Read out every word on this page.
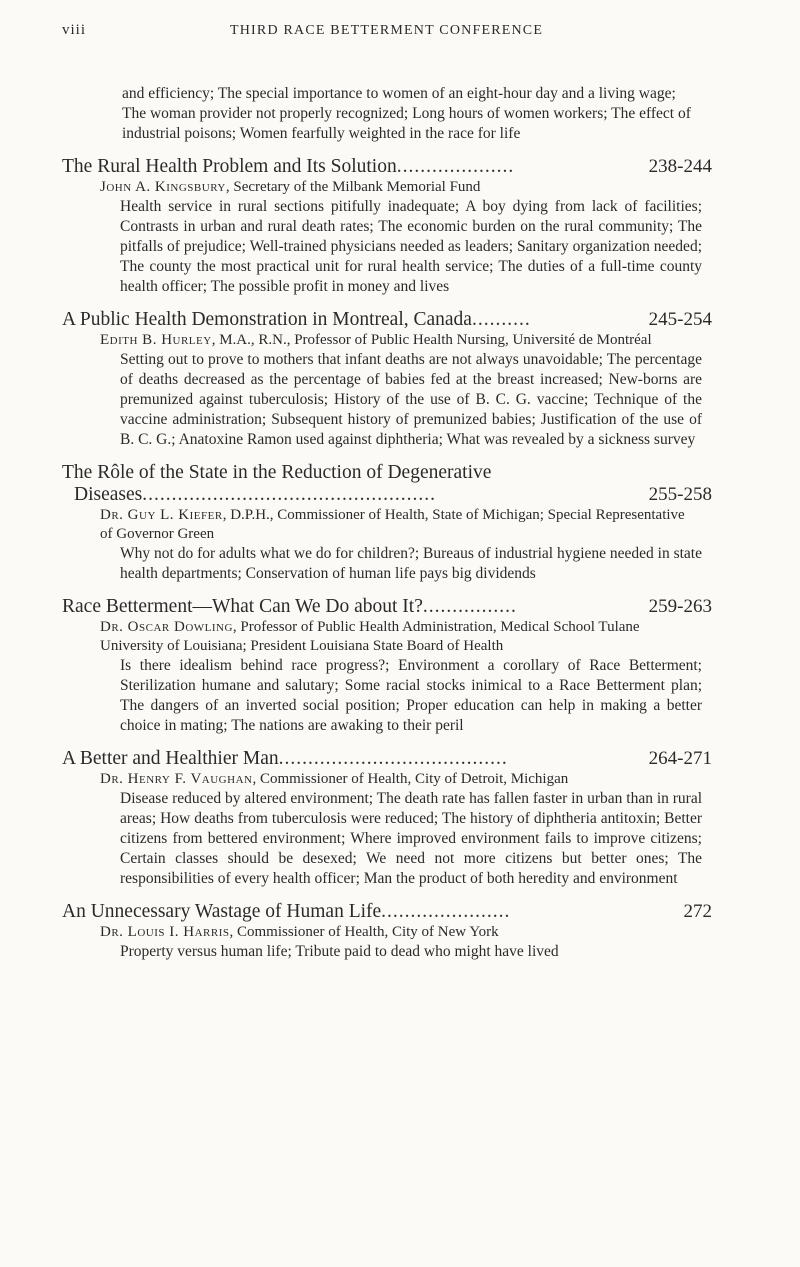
viii	THIRD RACE BETTERMENT CONFERENCE
and efficiency; The special importance to women of an eight-hour day and a living wage; The woman provider not properly recognized; Long hours of women workers; The effect of industrial poisons; Women fearfully weighted in the race for life
The Rural Health Problem and Its Solution ....................	238-244
John A. Kingsbury, Secretary of the Milbank Memorial Fund
Health service in rural sections pitifully inadequate; A boy dying from lack of facilities; Contrasts in urban and rural death rates; The economic burden on the rural community; The pitfalls of prejudice; Well-trained physicians needed as leaders; Sanitary organization needed; The county the most practical unit for rural health service; The duties of a full-time county health officer; The possible profit in money and lives
A Public Health Demonstration in Montreal, Canada ..........	245-254
Edith B. Hurley, M.A., R.N., Professor of Public Health Nursing, Université de Montréal
Setting out to prove to mothers that infant deaths are not always unavoidable; The percentage of deaths decreased as the percentage of babies fed at the breast increased; New-borns are premunized against tuberculosis; History of the use of B. C. G. vaccine; Technique of the vaccine administration; Subsequent history of premunized babies; Justification of the use of B. C. G.; Anatoxine Ramon used against diphtheria; What was revealed by a sickness survey
The Rôle of the State in the Reduction of Degenerative
Diseases ..................................................	255-258
Dr. Guy L. Kiefer, D.P.H., Commissioner of Health, State of Michigan; Special Representative of Governor Green
Why not do for adults what we do for children?; Bureaus of industrial hygiene needed in state health departments; Conservation of human life pays big dividends
Race Betterment—What Can We Do about It? ................	259-263
Dr. Oscar Dowling, Professor of Public Health Administration, Medical School Tulane University of Louisiana; President Louisiana State Board of Health
Is there idealism behind race progress?; Environment a corollary of Race Betterment; Sterilization humane and salutary; Some racial stocks inimical to a Race Betterment plan; The dangers of an inverted social position; Proper education can help in making a better choice in mating; The nations are awaking to their peril
A Better and Healthier Man .......................................	264-271
Dr. Henry F. Vaughan, Commissioner of Health, City of Detroit, Michigan
Disease reduced by altered environment; The death rate has fallen faster in urban than in rural areas; How deaths from tuberculosis were reduced; The history of diphtheria antitoxin; Better citizens from bettered environment; Where improved environment fails to improve citizens; Certain classes should be desexed; We need not more citizens but better ones; The responsibilities of every health officer; Man the product of both heredity and environment
An Unnecessary Wastage of Human Life ......................	272
Dr. Louis I. Harris, Commissioner of Health, City of New York
Property versus human life; Tribute paid to dead who might have lived
